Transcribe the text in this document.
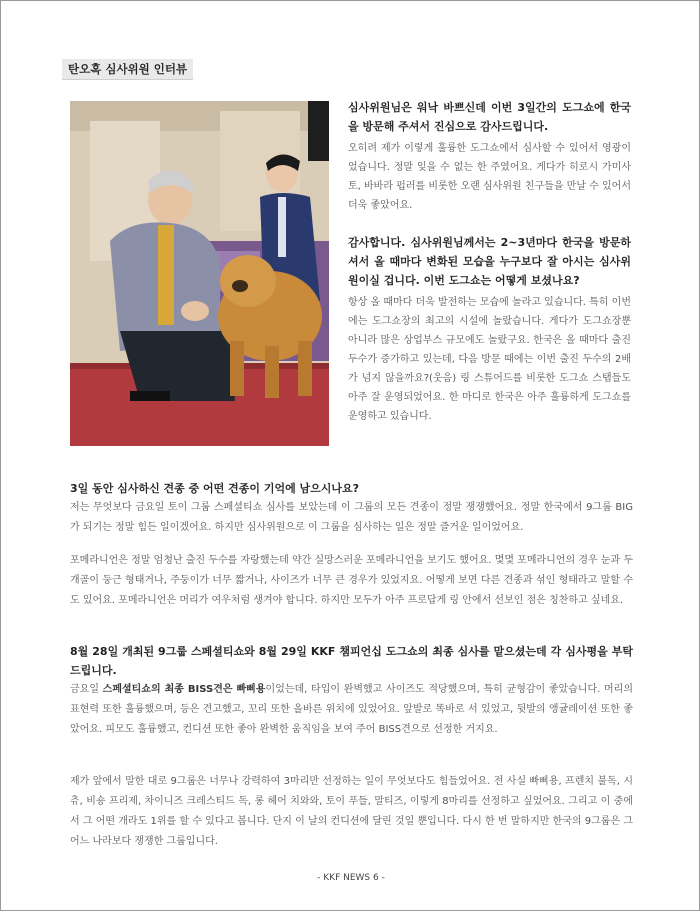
탄오혹 심사위원 인터뷰

심사위원님은 워낙 바쁘신데 이번 3일간의 도그쇼에 한국을 방문해 주셔서 진심으로 감사드립니다.

오히려 제가 이렇게 훌륭한 도그쇼에서 심사할 수 있어서 영광이었습니다. 정말 잊을 수 없는 한 주였어요. 게다가 히로시 가미사토, 바바라 펍러를 비롯한 오랜 심사위원 친구들을 만날 수 있어서 더욱 좋았어요.

감사합니다. 심사위원님께서는 2~3년마다 한국을 방문하셔서 올 때마다 변화된 모습을 누구보다 잘 아시는 심사위원이실 겁니다. 이번 도그쇼는 어떻게 보셨나요?

항상 올 때마다 더욱 발전하는 모습에 놀라고 있습니다. 특히 이번에는 도그쇼장의 최고의 시설에 놀랐습니다. 게다가 도그쇼장뿐 아니라 많은 상업부스 규모에도 놀랐구요. 한국은 올 때마다 출진 두수가 증가하고 있는데, 다음 방문 때에는 이번 출진 두수의 2배가 넘지 않을까요?(웃음) 링 스튜어드를 비롯한 도그쇼 스탭들도 아주 잘 운영되었어요. 한 마디로 한국은 아주 훌륭하게 도그쇼를 운영하고 있습니다.

3일 동안 심사하신 견종 중 어떤 견종이 기억에 남으시나요?

저는 무엇보다 금요일 토이 그룹 스페셜티쇼 심사를 보았는데 이 그룹의 모든 견종이 정말 쟁쟁했어요. 정말 한국에서 9그룹 BIG가 되기는 정말 힘든 일이겠어요. 하지만 심사위원으로 이 그룹을 심사하는 일은 정말 즐거운 일이었어요.

포메라니언은 정말 엄청난 출진 두수를 자랑했는데 약간 실망스러운 포메라니언을 보기도 했어요. 몇몇 포메라니언의 경우 눈과 두개골이 둥근 형태거나, 주둥이가 너무 짧거나, 사이즈가 너무 큰 경우가 있었지요. 어떻게 보면 다른 견종과 섞인 형태라고 말할 수도 있어요. 포메라니언은 머리가 여우처럼 생겨야 합니다. 하지만 모두가 아주 프로답게 링 안에서 선보인 점은 칭찬하고 싶네요.

8월 28일 개최된 9그룹 스페셜티쇼와 8월 29일 KKF 챔피언십 도그쇼의 최종 심사를 맡으셨는데 각 심사평을 부탁드립니다.

금요일 스페셜티쇼의 최종 BISS견은 빠삐용이었는데, 타입이 완벽했고 사이즈도 적당했으며, 특히 균형감이 좋았습니다. 머리의 표현력 또한 훌륭했으며, 등은 견고했고, 꼬리 또한 올바른 위치에 있었어요. 앞발로 똑바로 서 있었고, 뒷발의 앵귤레이션 또한 좋았어요. 피모도 훌륭했고, 컨디션 또한 좋아 완벽한 움직임을 보여 주어 BISS견으로 선정한 거지요.

제가 앞에서 말한 대로 9그룹은 너무나 강력하여 3마리만 선정하는 일이 무엇보다도 힘들었어요. 전 사실 빠삐용, 프렌치 불독, 시츄, 비숑 프리제, 차이니즈 크레스티드 독, 롱 헤어 치와와, 토이 푸들, 말티즈, 이렇게 8마리를 선정하고 싶었어요. 그리고 이 중에서 그 어떤 개라도 1위를 할 수 있다고 봅니다. 단지 이 날의 컨디션에 달린 것일 뿐입니다. 다시 한 번 말하지만 한국의 9그룹은 그 어느 나라보다 쟁쟁한 그룹입니다.

- KKF NEWS 6 -
